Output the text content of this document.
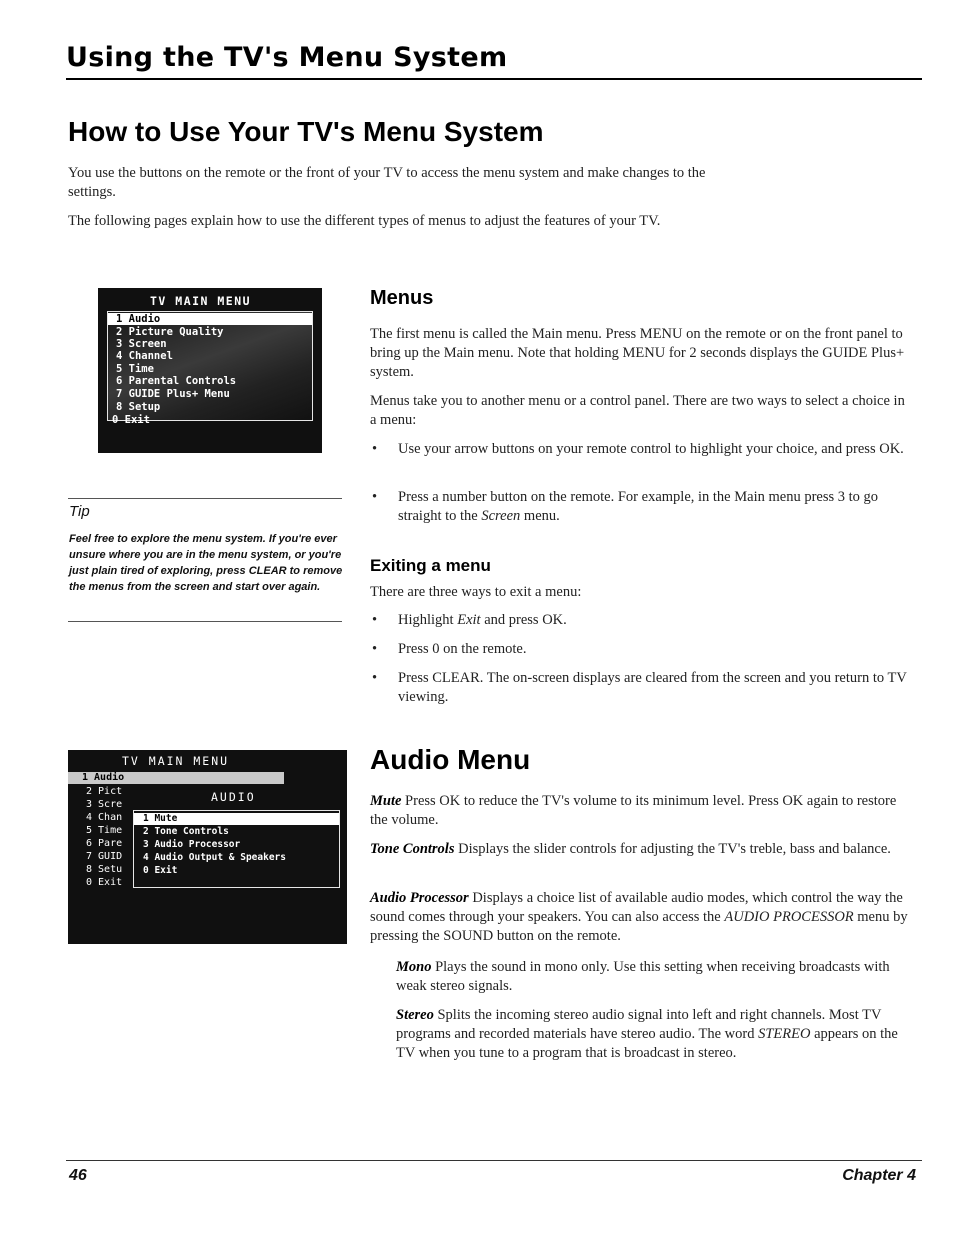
Using the TV's Menu System
How to Use Your TV's Menu System

You use the buttons on the remote or the front of your TV to access the menu system and make changes to the settings.

The following pages explain how to use the different types of menus to adjust the features of your TV.

TV MAIN MENU
1 Audio
2 Picture Quality
3 Screen
4 Channel
5 Time
6 Parental Controls
7 GUIDE Plus+ Menu
8 Setup
0 Exit
Tip

Feel free to explore the menu system. If you're ever unsure where you are in the menu system, or you're just plain tired of exploring, press CLEAR to remove the menus from the screen and start over again.

Menus

The first menu is called the Main menu. Press MENU on the remote or on the front panel to bring up the Main menu. Note that holding MENU for 2 seconds displays the GUIDE Plus+ system.

Menus take you to another menu or a control panel. There are two ways to select a choice in a menu:

• Use your arrow buttons on your remote control to highlight your choice, and press OK.

• Press a number button on the remote. For example, in the Main menu press 3 to go straight to the Screen menu.

Exiting a menu

There are three ways to exit a menu:

• Highlight Exit and press OK.

• Press 0 on the remote.

• Press CLEAR. The on-screen displays are cleared from the screen and you return to TV viewing.

TV MAIN MENU
1 Audio
2 Pict
3 Scre
4 Chan
5 Time
6 Pare
7 GUID
8 Setu
0 Exit
AUDIO
1 Mute
2 Tone Controls
3 Audio Processor
4 Audio Output & Speakers
0 Exit
Audio Menu

Mute Press OK to reduce the TV's volume to its minimum level. Press OK again to restore the volume.

Tone Controls Displays the slider controls for adjusting the TV's treble, bass and balance.

Audio Processor Displays a choice list of available audio modes, which control the way the sound comes through your speakers. You can also access the AUDIO PROCESSOR menu by pressing the SOUND button on the remote.

Mono Plays the sound in mono only. Use this setting when receiving broadcasts with weak stereo signals.

Stereo Splits the incoming stereo audio signal into left and right channels. Most TV programs and recorded materials have stereo audio. The word STEREO appears on the TV when you tune to a program that is broadcast in stereo.

46	Chapter 4
